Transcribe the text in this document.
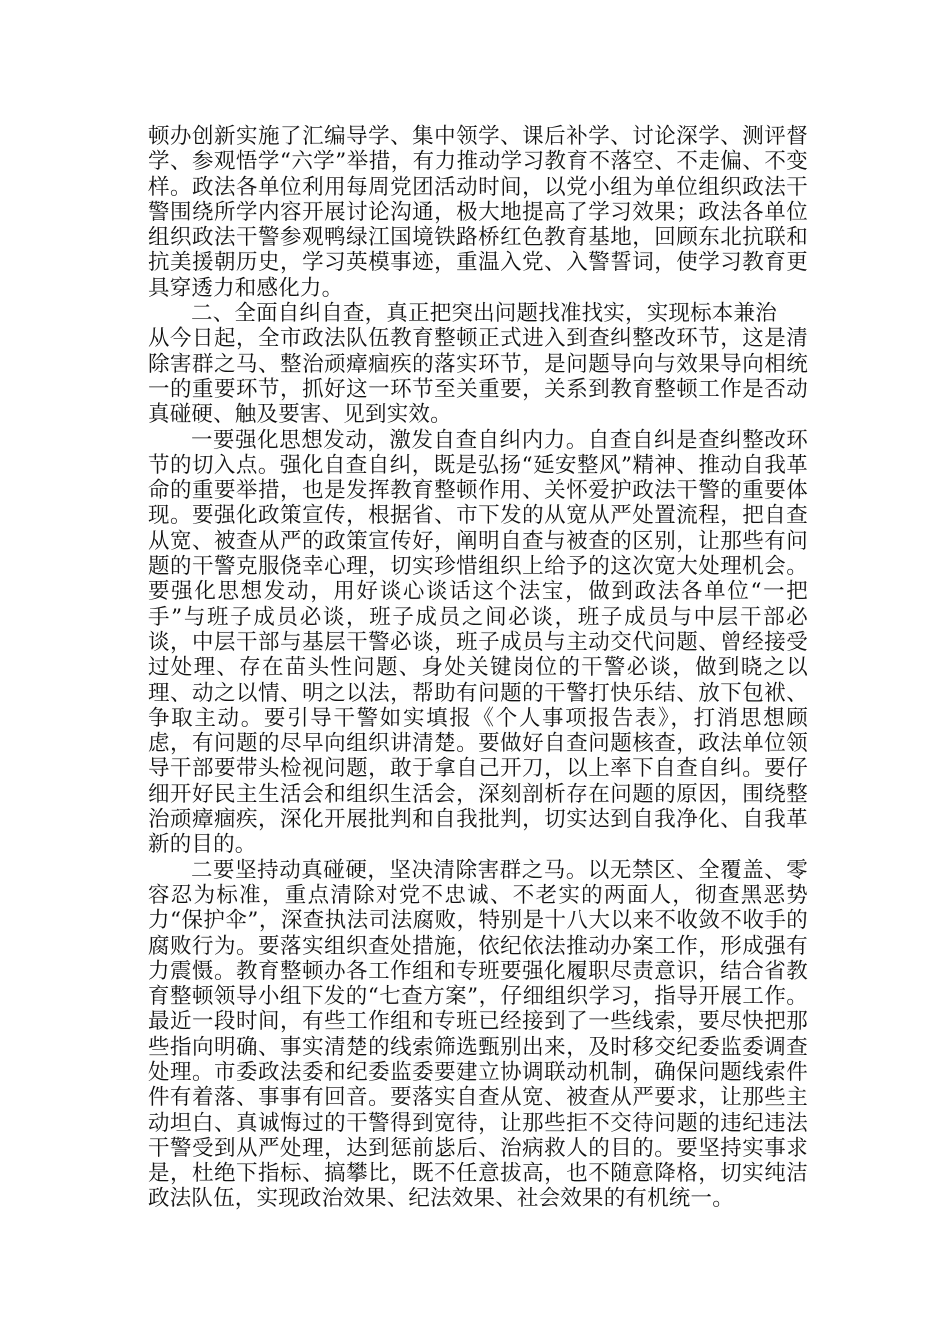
顿办创新实施了汇编导学、集中领学、课后补学、讨论深学、测评督学、参观悟学“六学”举措，有力推动学习教育不落空、不走偏、不变样。政法各单位利用每周党团活动时间，以党小组为单位组织政法干警围绕所学内容开展讨论沟通，极大地提高了学习效果；政法各单位组织政法干警参观鸭绿江国境铁路桥红色教育基地，回顾东北抗联和抗美援朝历史，学习英模事迹，重温入党、入警誓词，使学习教育更具穿透力和感化力。

二、全面自纠自查，真正把突出问题找准找实，实现标本兼治

从今日起，全市政法队伍教育整顿正式进入到查纠整改环节，这是清除害群之马、整治顽瘴痼疾的落实环节，是问题导向与效果导向相统一的重要环节，抓好这一环节至关重要，关系到教育整顿工作是否动真碰硬、触及要害、见到实效。

一要强化思想发动，激发自查自纠内力。自查自纠是查纠整改环节的切入点。强化自查自纠，既是弘扬“延安整风”精神、推动自我革命的重要举措，也是发挥教育整顿作用、关怀爱护政法干警的重要体现。要强化政策宣传，根据省、市下发的从宽从严处置流程，把自查从宽、被查从严的政策宣传好，阐明自查与被查的区别，让那些有问题的干警克服侥幸心理，切实珍惜组织上给予的这次宽大处理机会。要强化思想发动，用好谈心谈话这个法宝，做到政法各单位“一把手”与班子成员必谈，班子成员之间必谈，班子成员与中层干部必谈，中层干部与基层干警必谈，班子成员与主动交代问题、曾经接受过处理、存在苗头性问题、身处关键岗位的干警必谈，做到晓之以理、动之以情、明之以法，帮助有问题的干警打快乐结、放下包袱、争取主动。要引导干警如实填报《个人事项报告表》，打消思想顾虑，有问题的尽早向组织讲清楚。要做好自查问题核查，政法单位领导干部要带头检视问题，敢于拿自己开刀，以上率下自查自纠。要仔细开好民主生活会和组织生活会，深刻剖析存在问题的原因，围绕整治顽瘴痼疾，深化开展批判和自我批判，切实达到自我净化、自我革新的目的。

二要坚持动真碰硬，坚决清除害群之马。以无禁区、全覆盖、零容忍为标准，重点清除对党不忠诚、不老实的两面人，彻查黑恶势力“保护伞”，深查执法司法腐败，特别是十八大以来不收敛不收手的腐败行为。要落实组织查处措施，依纪依法推动办案工作，形成强有力震慑。教育整顿办各工作组和专班要强化履职尽责意识，结合省教育整顿领导小组下发的“七查方案”，仔细组织学习，指导开展工作。最近一段时间，有些工作组和专班已经接到了一些线索，要尽快把那些指向明确、事实清楚的线索筛选甄别出来，及时移交纪委监委调查处理。市委政法委和纪委监委要建立协调联动机制，确保问题线索件件有着落、事事有回音。要落实自查从宽、被查从严要求，让那些主动坦白、真诚悔过的干警得到宽待，让那些拒不交待问题的违纪违法干警受到从严处理，达到惩前毖后、治病救人的目的。要坚持实事求是，杜绝下指标、搞攀比，既不任意拔高，也不随意降格，切实纯洁政法队伍，实现政治效果、纪法效果、社会效果的有机统一。
